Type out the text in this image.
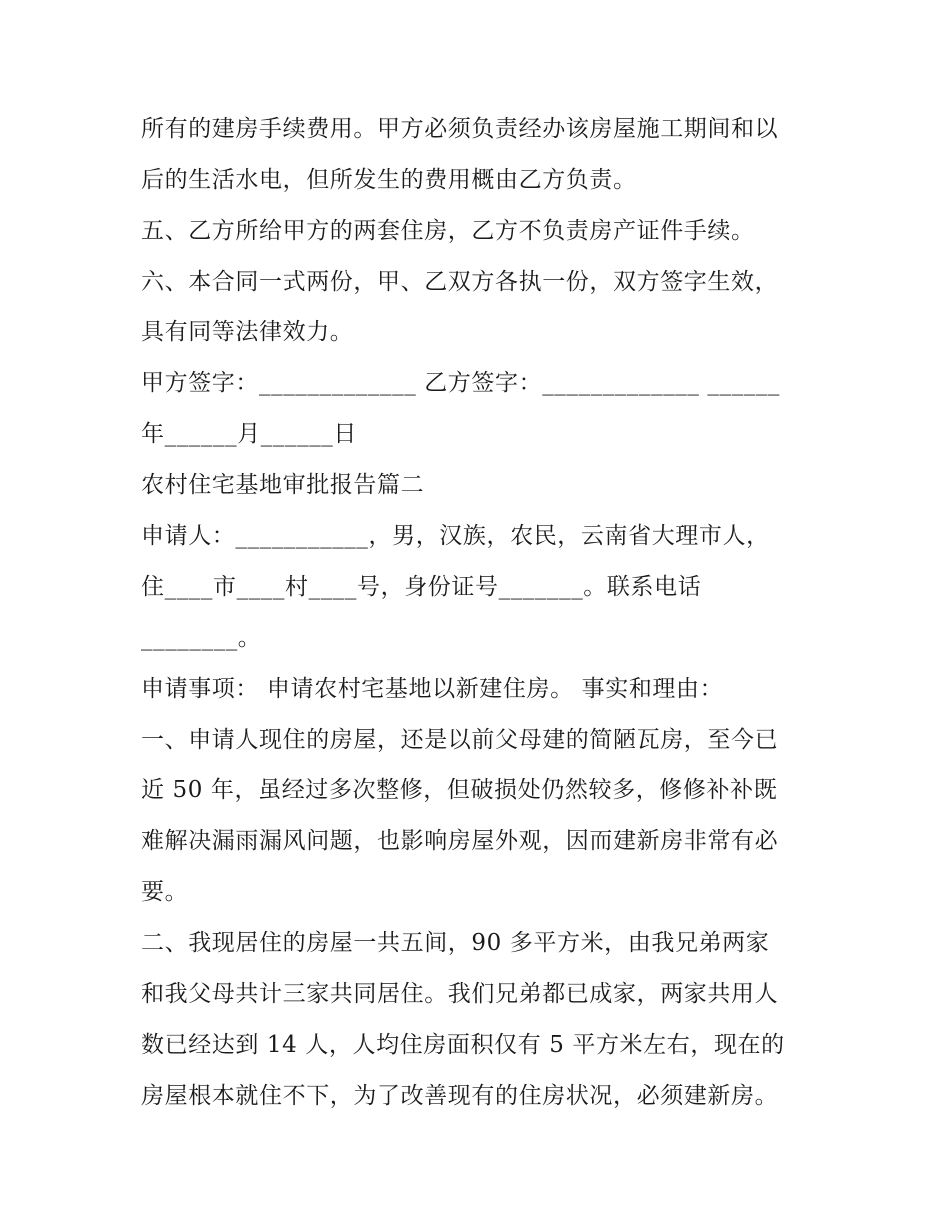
所有的建房手续费用。甲方必须负责经办该房屋施工期间和以
后的生活水电，但所发生的费用概由乙方负责。
五、乙方所给甲方的两套住房，乙方不负责房产证件手续。
六、本合同一式两份，甲、乙双方各执一份，双方签字生效，
具有同等法律效力。
甲方签字：_____________ 乙方签字：_____________ ______
年______月______日
农村住宅基地审批报告篇二
申请人：___________，男，汉族，农民，云南省大理市人，
住____市____村____号，身份证号_______。联系电话
________。
申请事项： 申请农村宅基地以新建住房。 事实和理由：
一、申请人现住的房屋，还是以前父母建的简陋瓦房，至今已
近 50 年，虽经过多次整修，但破损处仍然较多，修修补补既
难解决漏雨漏风问题，也影响房屋外观，因而建新房非常有必
要。
二、我现居住的房屋一共五间，90 多平方米，由我兄弟两家
和我父母共计三家共同居住。我们兄弟都已成家，两家共用人
数已经达到 14 人，人均住房面积仅有 5 平方米左右，现在的
房屋根本就住不下，为了改善现有的住房状况，必须建新房。
